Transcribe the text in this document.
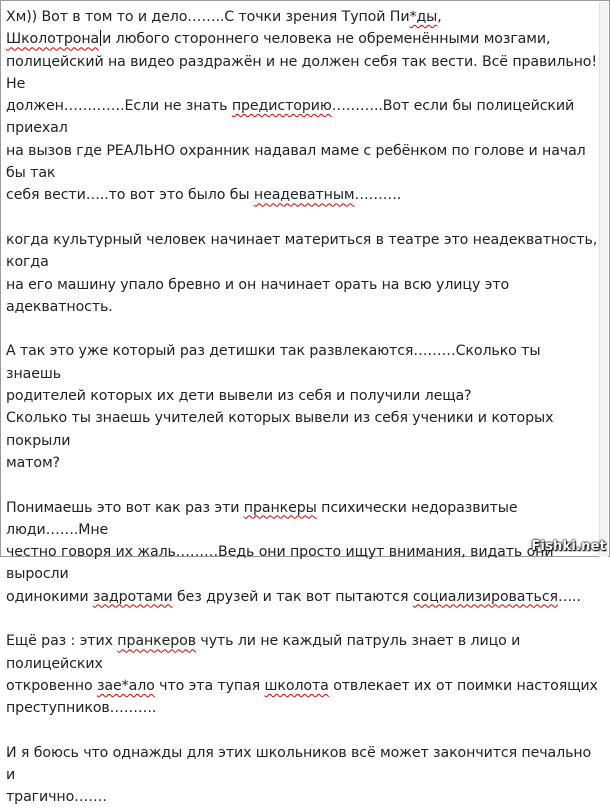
Хм)) Вот в том то и дело……..С точки зрения Тупой Пи*ды,
Школотрона и любого стороннего человека не обременёнными мозгами,
полицейский на видео раздражён и не должен себя так вести. Всё правильно! Не
должен………….Если не знать предисторию………..Вот если бы полицейский приехал
на вызов где РЕАЛЬНО охранник надавал маме с ребёнком по голове и начал бы так
себя вести…..то вот это было бы неадеватным……….
когда культурный человек начинает материться в театре это неадекватность, когда
на его машину упало бревно и он начинает орать на всю улицу это адекватность.
А так это уже который раз детишки так развлекаются………Сколько ты знаешь
родителей которых их дети вывели из себя и получили леща?
Сколько ты знаешь учителей которых вывели из себя ученики и которых покрыли
матом?
Понимаешь это вот как раз эти пранкеры психически недоразвитые люди…….Мне
честно говоря их жаль………Ведь они просто ищут внимания, видать они выросли
одинокими задротами без друзей и так вот пытаются социализироваться…..
Ещё раз : этих пранкеров чуть ли не каждый патруль знает в лицо и полицейских
откровенно зае*ало что эта тупая школота отвлекает их от поимки настоящих
преступников……….
И я боюсь что однажды для этих школьников всё может закончится печально и
трагично…….
Fishki.net
